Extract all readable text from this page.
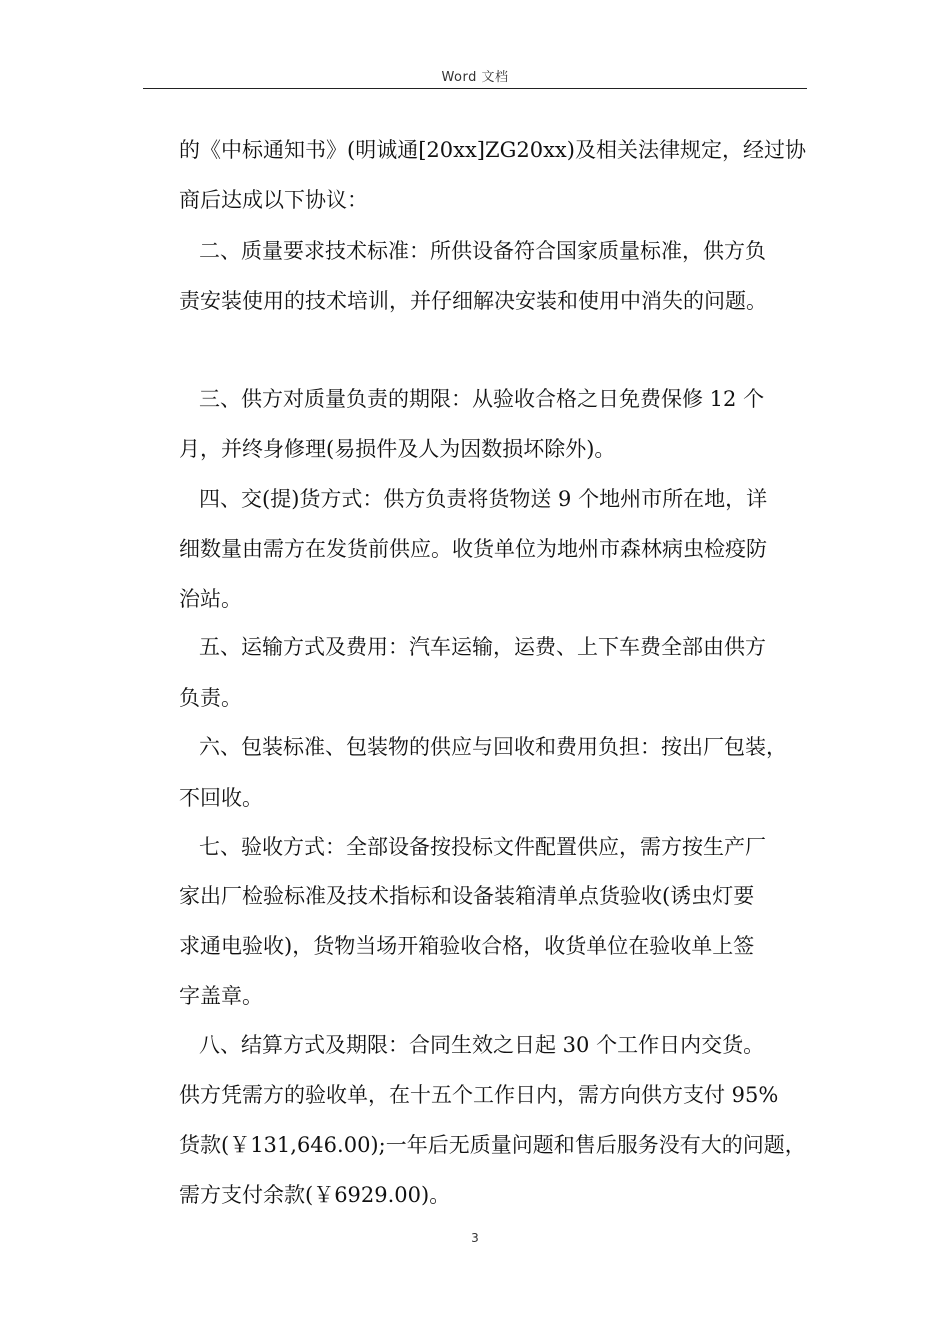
Word 文档
的《中标通知书》(明诚通[20xx]ZG20xx)及相关法律规定，经过协
商后达成以下协议：
二、质量要求技术标准：所供设备符合国家质量标准，供方负
责安装使用的技术培训，并仔细解决安装和使用中消失的问题。
三、供方对质量负责的期限：从验收合格之日免费保修 12 个
月，并终身修理(易损件及人为因数损坏除外)。
四、交(提)货方式：供方负责将货物送 9 个地州市所在地，详
细数量由需方在发货前供应。收货单位为地州市森林病虫检疫防
治站。
五、运输方式及费用：汽车运输，运费、上下车费全部由供方
负责。
六、包装标准、包装物的供应与回收和费用负担：按出厂包装，
不回收。
七、验收方式：全部设备按投标文件配置供应，需方按生产厂
家出厂检验标准及技术指标和设备装箱清单点货验收(诱虫灯要
求通电验收)，货物当场开箱验收合格，收货单位在验收单上签
字盖章。
八、结算方式及期限：合同生效之日起 30 个工作日内交货。
供方凭需方的验收单，在十五个工作日内，需方向供方支付 95%
货款(￥131,646.00);一年后无质量问题和售后服务没有大的问题，
需方支付余款(￥6929.00)。
3
